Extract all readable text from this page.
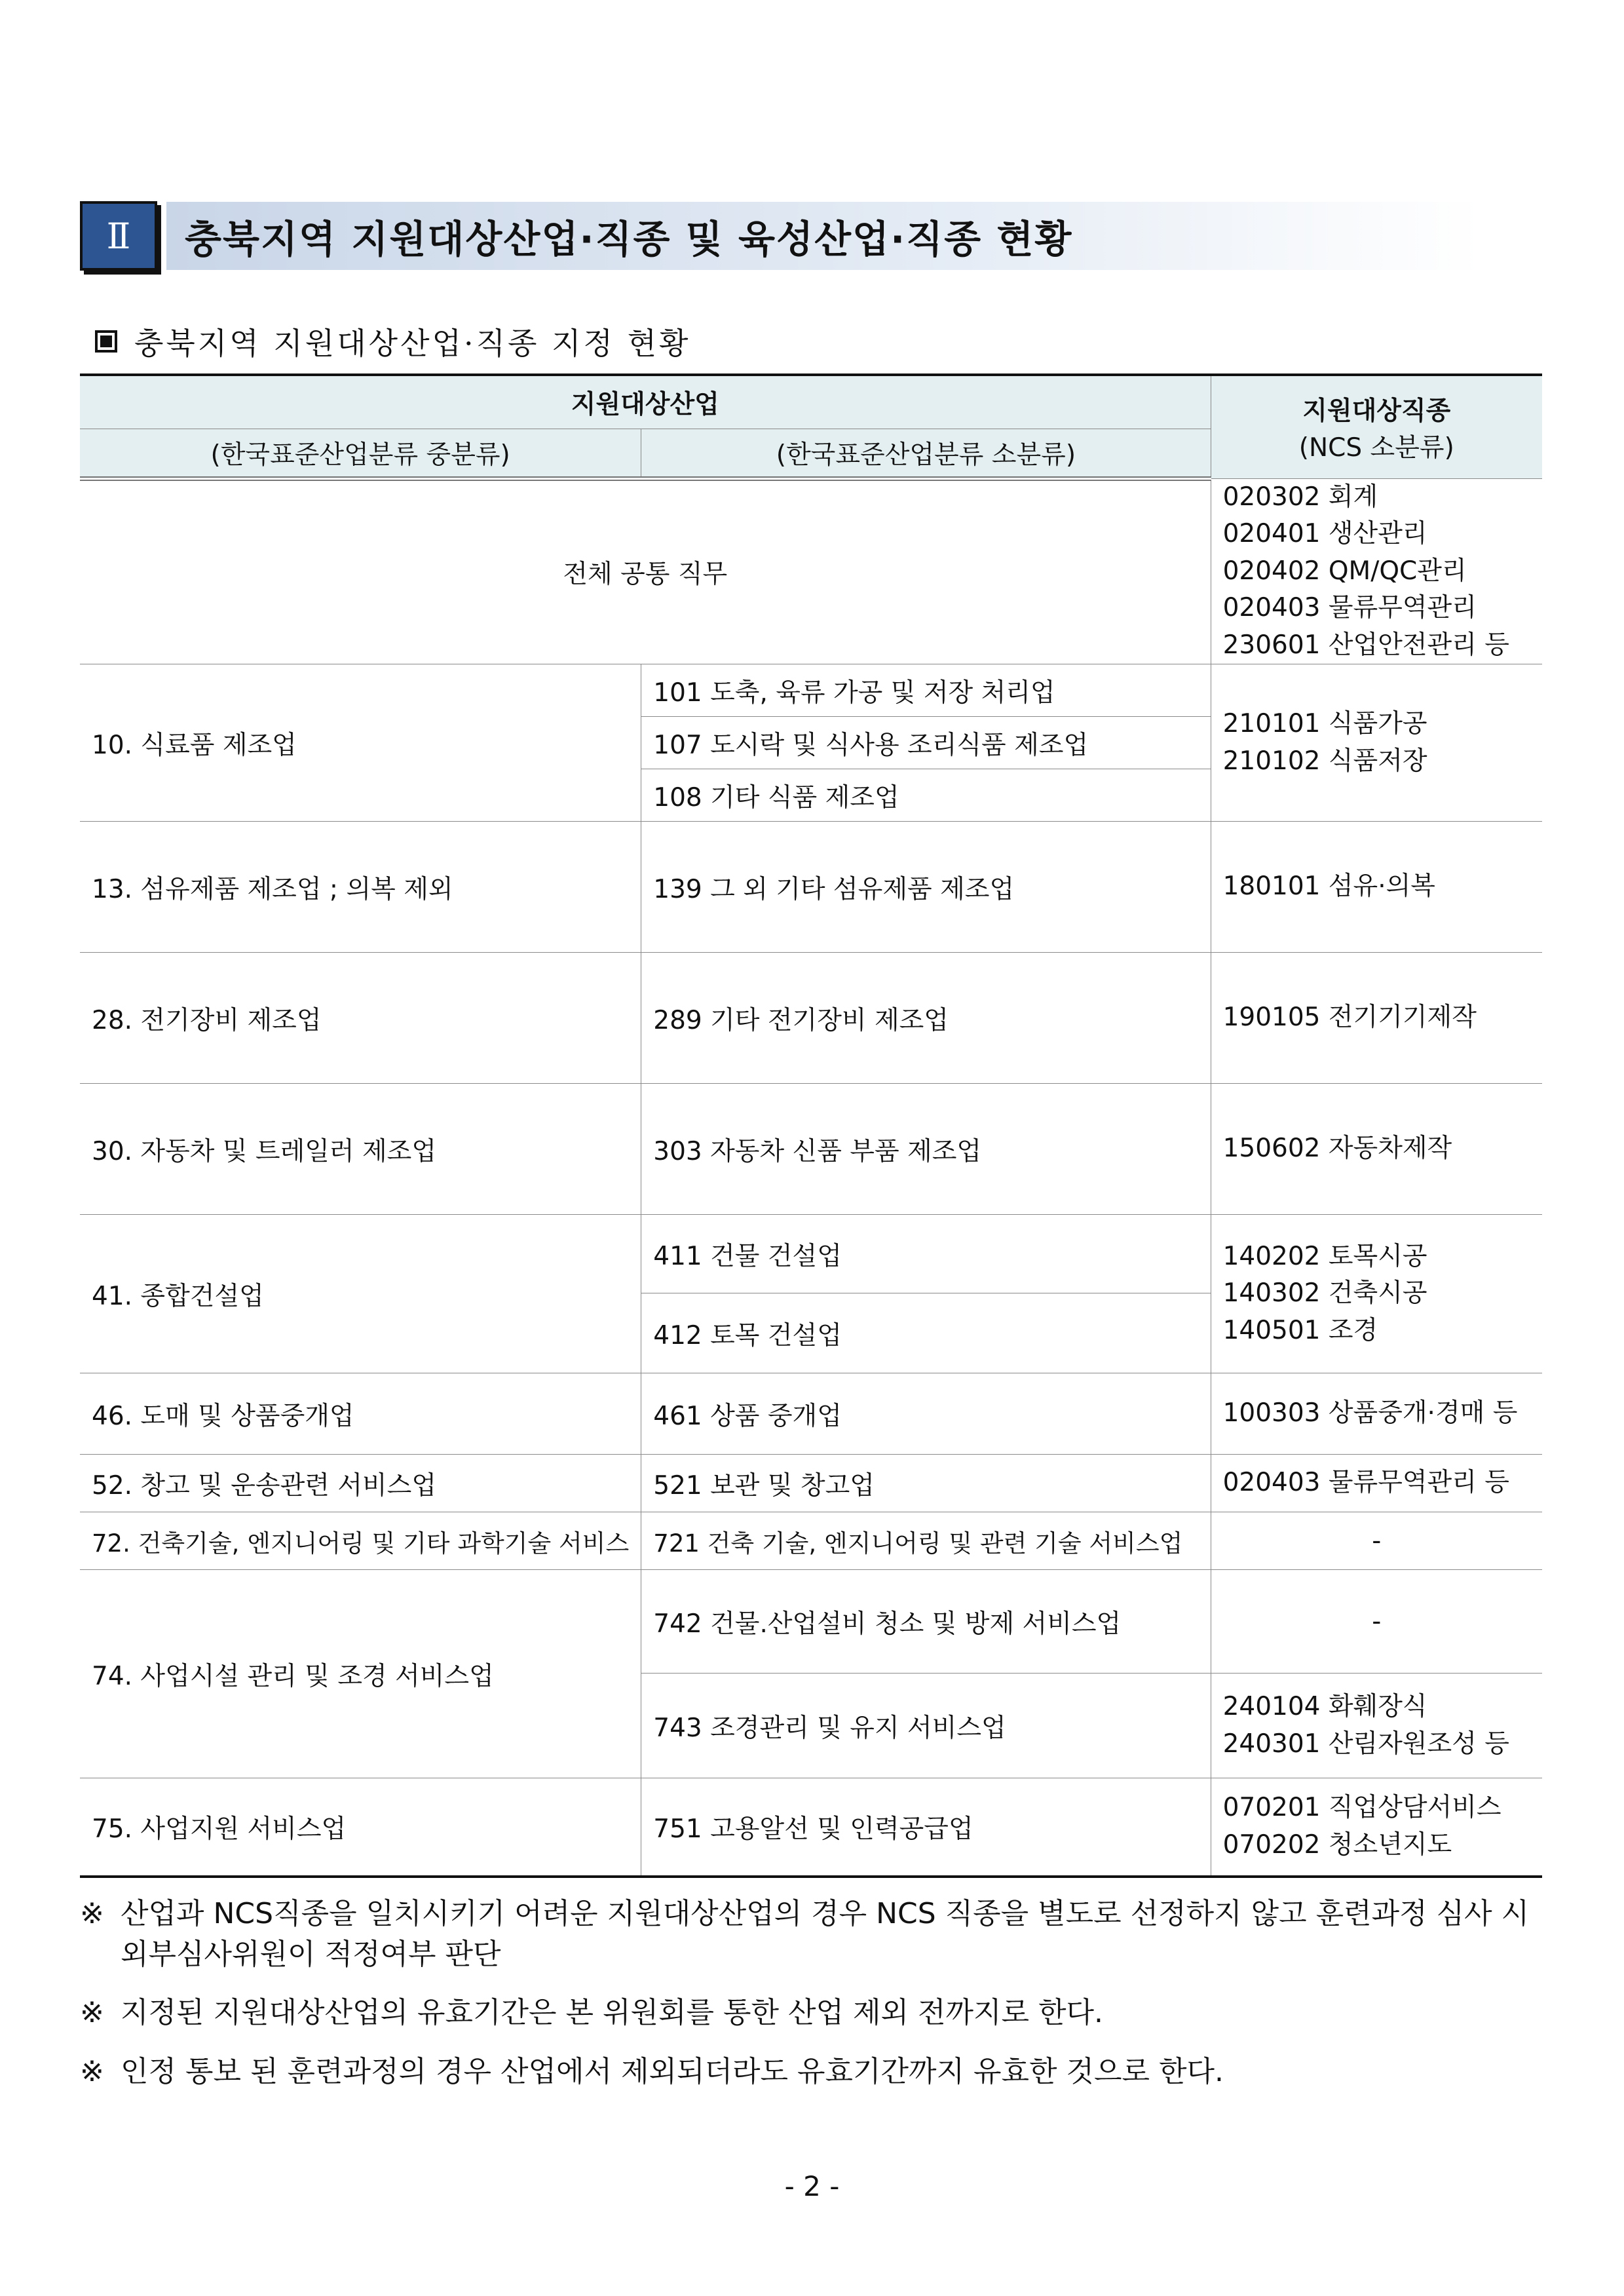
Ⅱ	충북지역 지원대상산업·직종 및 육성산업·직종 현황
충북지역 지원대상산업·직종 지정 현황
지원대상산업		지원대상직종
(NCS 소분류)

(한국표준산업분류 중분류)	(한국표준산업분류 소분류)	
전체 공통 직무		020302 회계
020401 생산관리
020402 QM/QC관리
020403 물류무역관리
230601 산업안전관리 등

10. 식료품 제조업	101 도축, 육류 가공 및 저장 처리업	210101 식품가공
210102 식품저장

	107 도시락 및 식사용 조리식품 제조업	
	108 기타 식품 제조업	
13. 섬유제품 제조업 ; 의복 제외	139 그 외 기타 섬유제품 제조업	180101 섬유·의복
28. 전기장비 제조업	289 기타 전기장비 제조업	190105 전기기기제작
30. 자동차 및 트레일러 제조업	303 자동차 신품 부품 제조업	150602 자동차제작
41. 종합건설업	411 건물 건설업	140202 토목시공
140302 건축시공
140501 조경

	412 토목 건설업	
46. 도매 및 상품중개업	461 상품 중개업	100303 상품중개·경매 등
52. 창고 및 운송관련 서비스업	521 보관 및 창고업	020403 물류무역관리 등
72. 건축기술, 엔지니어링 및 기타 과학기술 서비스	721 건축 기술, 엔지니어링 및 관련 기술 서비스업	-
74. 사업시설 관리 및 조경 서비스업	742 건물.산업설비 청소 및 방제 서비스업	-
	743 조경관리 및 유지 서비스업	240104 화훼장식
240301 산림자원조성 등

75. 사업지원 서비스업	751 고용알선 및 인력공급업	070201 직업상담서비스
070202 청소년지도
※ 산업과 NCS직종을 일치시키기 어려운 지원대상산업의 경우 NCS 직종을 별도로 선정하지 않고 훈련과정 심사 시 외부심사위원이 적정여부 판단
※ 지정된 지원대상산업의 유효기간은 본 위원회를 통한 산업 제외 전까지로 한다.
※ 인정 통보 된 훈련과정의 경우 산업에서 제외되더라도 유효기간까지 유효한 것으로 한다.
- 2 -
